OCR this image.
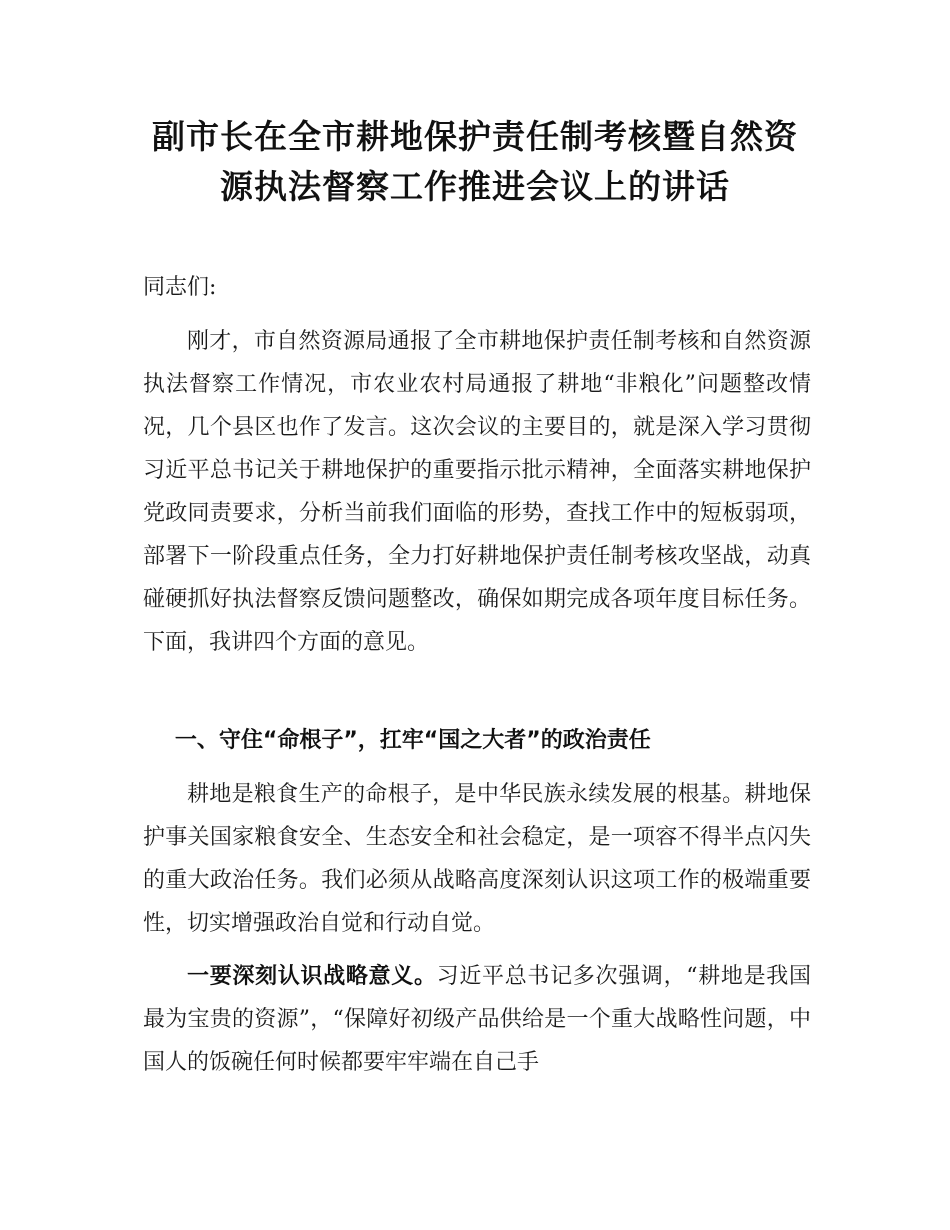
副市长在全市耕地保护责任制考核暨自然资
源执法督察工作推进会议上的讲话

同志们:

刚才，市自然资源局通报了全市耕地保护责任制考核和自然资源执法督察工作情况，市农业农村局通报了耕地“非粮化”问题整改情况，几个县区也作了发言。这次会议的主要目的，就是深入学习贯彻习近平总书记关于耕地保护的重要指示批示精神，全面落实耕地保护党政同责要求，分析当前我们面临的形势，查找工作中的短板弱项，部署下一阶段重点任务，全力打好耕地保护责任制考核攻坚战，动真碰硬抓好执法督察反馈问题整改，确保如期完成各项年度目标任务。下面，我讲四个方面的意见。

一、守住“命根子”，扛牢“国之大者”的政治责任

耕地是粮食生产的命根子，是中华民族永续发展的根基。耕地保护事关国家粮食安全、生态安全和社会稳定，是一项容不得半点闪失的重大政治任务。我们必须从战略高度深刻认识这项工作的极端重要性，切实增强政治自觉和行动自觉。

一要深刻认识战略意义。习近平总书记多次强调，“耕地是我国最为宝贵的资源”，“保障好初级产品供给是一个重大战略性问题，中国人的饭碗任何时候都要牢牢端在自己手
